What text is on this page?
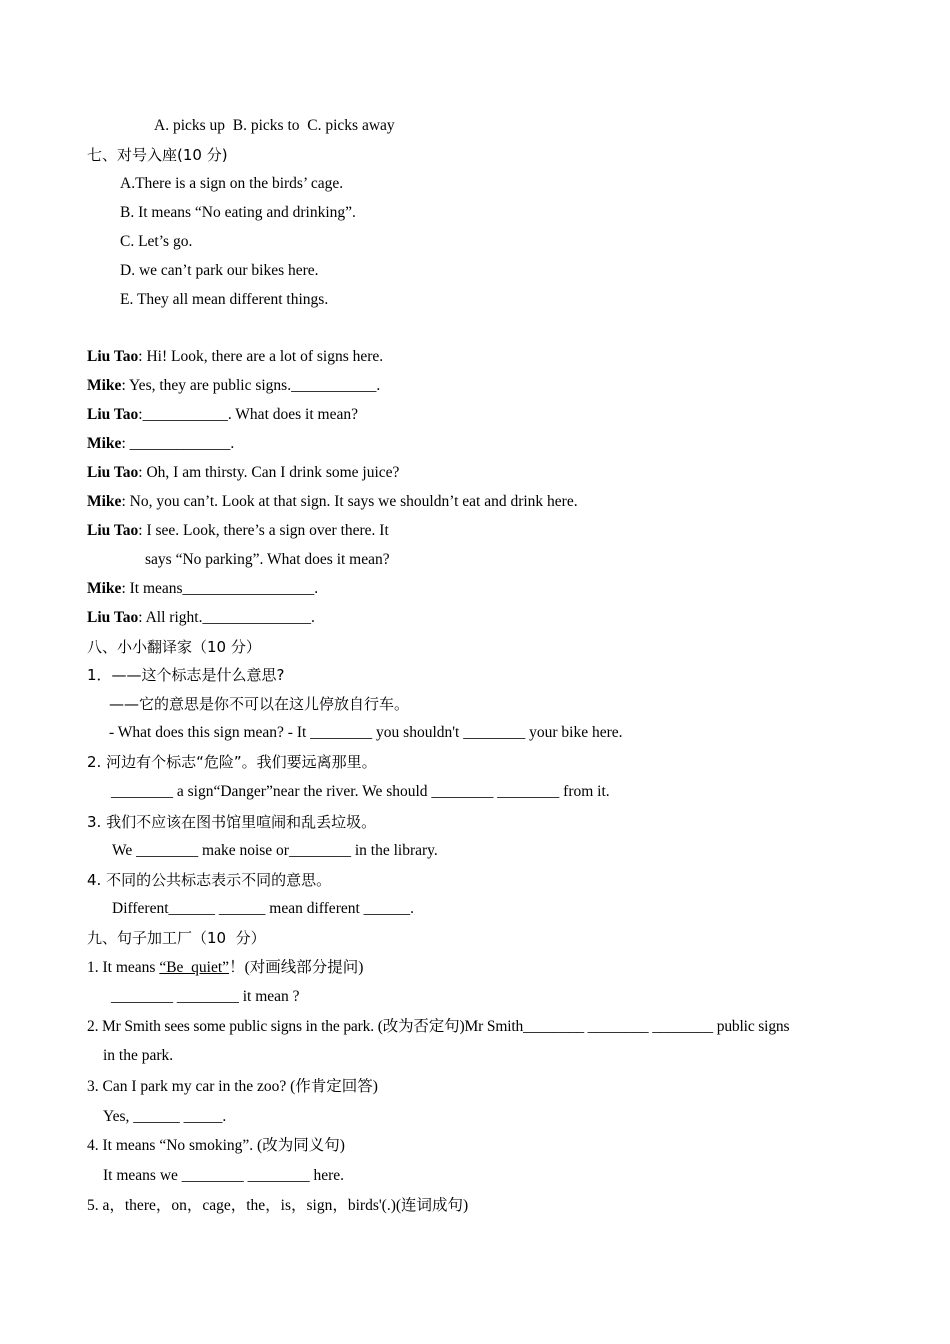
A. picks up  B. picks to  C. picks away
七、对号入座(10 分)
A.There is a sign on the birds’ cage.
B. It means “No eating and drinking”.
C. Let’s go.
D. we can’t park our bikes here.
E. They all mean different things.
Liu Tao: Hi! Look, there are a lot of signs here.
Mike: Yes, they are public signs.___________.
Liu Tao:___________. What does it mean?
Mike: _____________.
Liu Tao: Oh, I am thirsty. Can I drink some juice?
Mike: No, you can’t. Look at that sign. It says we shouldn’t eat and drink here.
Liu Tao: I see. Look, there’s a sign over there. It
says “No parking”. What does it mean?
Mike: It means_________________.
Liu Tao: All right.______________.
八、小小翻译家（10 分）
1．——这个标志是什么意思?
——它的意思是你不可以在这儿停放自行车。
- What does this sign mean? - It ________ you shouldn't ________ your bike here.
2. 河边有个标志“危险”。我们要远离那里。
________ a sign“Danger”near the river. We should ________ ________ from it.
3. 我们不应该在图书馆里喧闹和乱丢垃圾。
We ________ make noise or________ in the library.
4. 不同的公共标志表示不同的意思。
Different______ ______ mean different ______.
九、句子加工厂（10  分）
1. It means “Be  quiet”！(对画线部分提问)
________ ________ it mean ?
2. Mr Smith sees some public signs in the park. (改为否定句)Mr Smith________ ________ ________ public signs
in the park.
3. Can I park my car in the zoo? (作肯定回答)
Yes, ______ _____.
4. It means “No smoking”. (改为同义句)
It means we ________ ________ here.
5. a，there，on，cage，the，is，sign，birds'(.)(连词成句)
